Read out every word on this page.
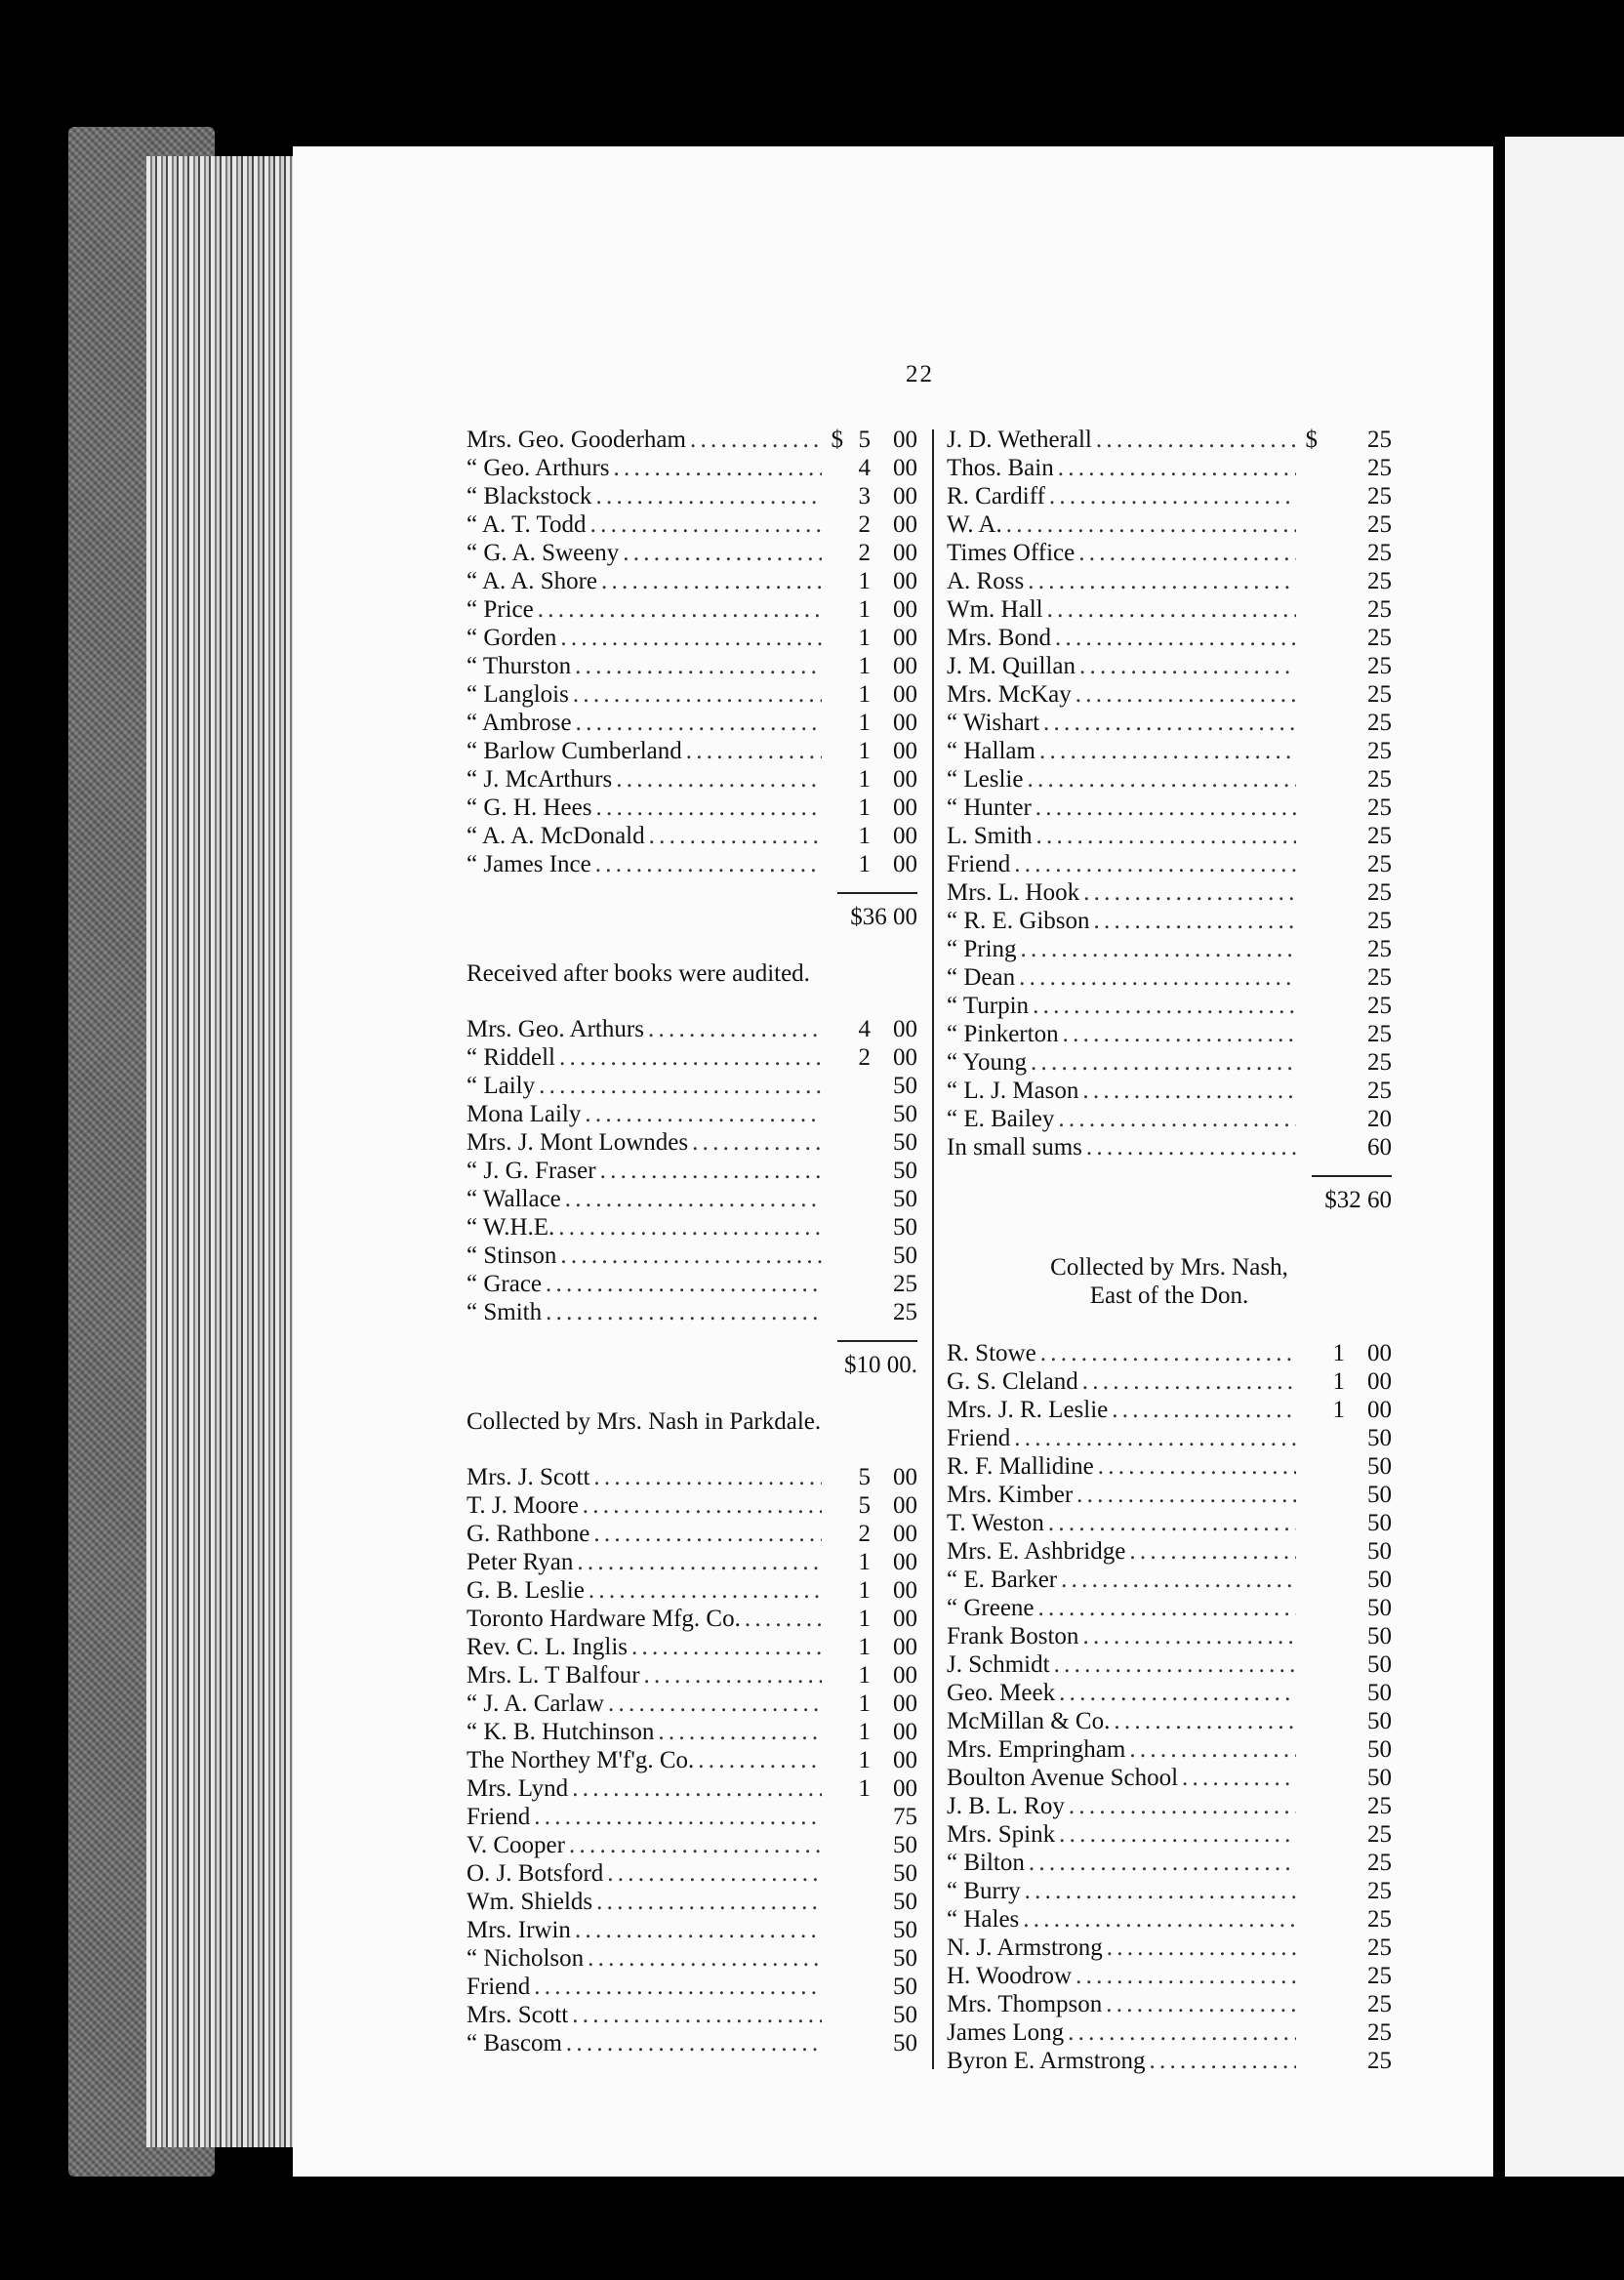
22
Mrs. Geo. Gooderham . . .	$ 5 00
“ Geo. Arthurs . . .	4 00
“ Blackstock . . .	3 00
“ A. T. Todd . . .	2 00
“ G. A. Sweeny . . .	2 00
“ A. A. Shore . . .	1 00
“ Price . . .	1 00
“ Gorden . . .	1 00
“ Thurston . . .	1 00
“ Langlois . . .	1 00
“ Ambrose . . .	1 00
“ Barlow Cumberland . . .	1 00
“ J. McArthurs . . .	1 00
“ G. H. Hees . . .	1 00
“ A. A. McDonald . . .	1 00
“ James Ince . . .	1 00
$36 00
Received after books were audited.
Mrs. Geo. Arthurs . . .	4 00
“ Riddell . . .	2 00
“ Laily . . .	50
Mona Laily . . .	50
Mrs. J. Mont Lowndes . . .	50
“ J. G. Fraser . . .	50
“ Wallace . . .	50
“ W.H.E. . . .	50
“ Stinson . . .	50
“ Grace . . .	25
“ Smith . . .	25
$10 00.
Collected by Mrs. Nash in Parkdale.
Mrs. J. Scott . . .	5 00
T. J. Moore . . .	5 00
G. Rathbone . . .	2 00
Peter Ryan . . .	1 00
G. B. Leslie . . .	1 00
Toronto Hardware Mfg. Co. . . .	1 00
Rev. C. L. Inglis . . .	1 00
Mrs. L. T Balfour . . .	1 00
“ J. A. Carlaw . . .	1 00
“ K. B. Hutchinson . . .	1 00
The Northey M'f'g. Co. . . .	1 00
Mrs. Lynd . . .	1 00
Friend . . .	75
V. Cooper . . .	50
O. J. Botsford . . .	50
Wm. Shields . . .	50
Mrs. Irwin . . .	50
“ Nicholson . . .	50
Friend . . .	50
Mrs. Scott . . .	50
“ Bascom . . .	50
J. D. Wetherall . . .	$	25
Thos. Bain . . .	25
R. Cardiff . . .	25
W. A. . . .	25
Times Office . . .	25
A. Ross . . .	25
Wm. Hall . . .	25
Mrs. Bond . . .	25
J. M. Quillan . . .	25
Mrs. McKay . . .	25
“ Wishart . . .	25
“ Hallam . . .	25
“ Leslie . . .	25
“ Hunter . . .	25
L. Smith . . .	25
Friend . . .	25
Mrs. L. Hook . . .	25
“ R. E. Gibson . . .	25
“ Pring . . .	25
“ Dean . . .	25
“ Turpin . . .	25
“ Pinkerton . . .	25
“ Young . . .	25
“ L. J. Mason . . .	25
“ E. Bailey . . .	20
In small sums . . .	60
$32 60
Collected by Mrs. Nash,
East of the Don.
R. Stowe . . .	1 00
G. S. Cleland . . .	1 00
Mrs. J. R. Leslie . . .	1 00
Friend . . .	50
R. F. Mallidine . . .	50
Mrs. Kimber . . .	50
T. Weston . . .	50
Mrs. E. Ashbridge . . .	50
“ E. Barker . . .	50
“ Greene . . .	50
Frank Boston . . .	50
J. Schmidt . . .	50
Geo. Meek . . .	50
McMillan & Co. . . .	50
Mrs. Empringham . . .	50
Boulton Avenue School . . .	50
J. B. L. Roy . . .	25
Mrs. Spink . . .	25
“ Bilton . . .	25
“ Burry . . .	25
“ Hales . . .	25
N. J. Armstrong . . .	25
H. Woodrow . . .	25
Mrs. Thompson . . .	25
James Long . . .	25
Byron E. Armstrong . . .	25
